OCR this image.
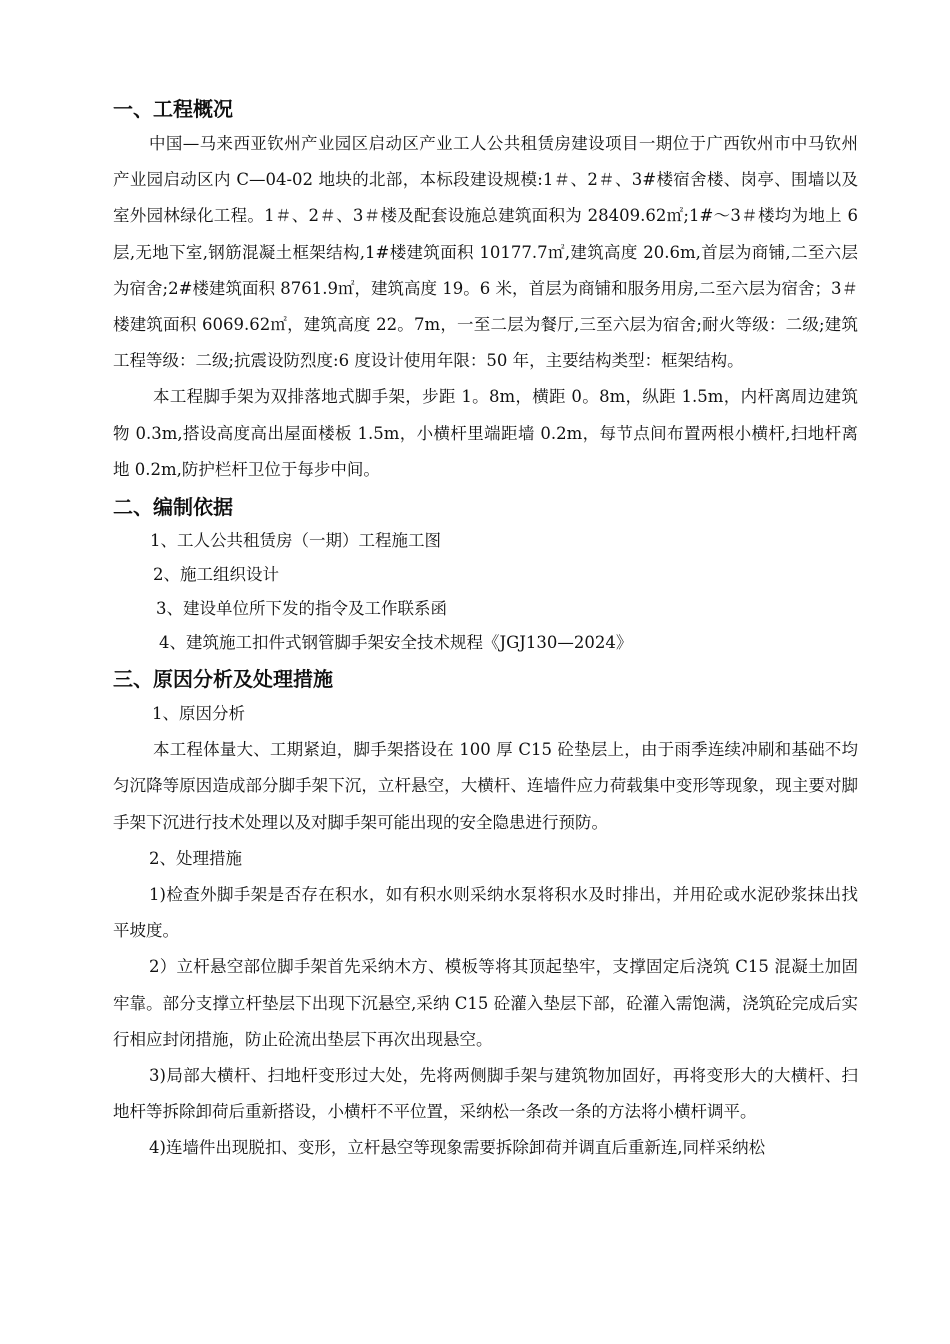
一、工程概况

中国—马来西亚钦州产业园区启动区产业工人公共租赁房建设项目一期位于广西钦州市中马钦州产业园启动区内 C—04-02 地块的北部，本标段建设规模:1＃、2＃、3#楼宿舍楼、岗亭、围墙以及室外园林绿化工程。1＃、2＃、3＃楼及配套设施总建筑面积为 28409.62㎡;1#～3＃楼均为地上 6 层,无地下室,钢筋混凝土框架结构,1#楼建筑面积 10177.7㎡,建筑高度 20.6m,首层为商铺,二至六层为宿舍;2#楼建筑面积 8761.9㎡，建筑高度 19。6 米，首层为商铺和服务用房,二至六层为宿舍；3＃楼建筑面积 6069.62㎡，建筑高度 22。7m，一至二层为餐厅,三至六层为宿舍;耐火等级：二级;建筑工程等级：二级;抗震设防烈度:6 度设计使用年限：50 年，主要结构类型：框架结构。

本工程脚手架为双排落地式脚手架，步距 1。8m，横距 0。8m，纵距 1.5m，内杆离周边建筑物 0.3m,搭设高度高出屋面楼板 1.5m，小横杆里端距墙 0.2m，每节点间布置两根小横杆,扫地杆离地 0.2m,防护栏杆卫位于每步中间。

二、编制依据

1、工人公共租赁房（一期）工程施工图

2、施工组织设计

3、建设单位所下发的指令及工作联系函

4、建筑施工扣件式钢管脚手架安全技术规程《JGJ130—2024》

三、原因分析及处理措施

1、原因分析

本工程体量大、工期紧迫，脚手架搭设在 100 厚 C15 砼垫层上，由于雨季连续冲刷和基础不均匀沉降等原因造成部分脚手架下沉，立杆悬空，大横杆、连墙件应力荷载集中变形等现象，现主要对脚手架下沉进行技术处理以及对脚手架可能出现的安全隐患进行预防。

2、处理措施

1)检查外脚手架是否存在积水，如有积水则采纳水泵将积水及时排出，并用砼或水泥砂浆抹出找平坡度。

2）立杆悬空部位脚手架首先采纳木方、模板等将其顶起垫牢，支撑固定后浇筑 C15 混凝土加固牢靠。部分支撑立杆垫层下出现下沉悬空,采纳 C15 砼灌入垫层下部，砼灌入需饱满，浇筑砼完成后实行相应封闭措施，防止砼流出垫层下再次出现悬空。

3)局部大横杆、扫地杆变形过大处，先将两侧脚手架与建筑物加固好，再将变形大的大横杆、扫地杆等拆除卸荷后重新搭设，小横杆不平位置，采纳松一条改一条的方法将小横杆调平。

4)连墙件出现脱扣、变形，立杆悬空等现象需要拆除卸荷并调直后重新连,同样采纳松
